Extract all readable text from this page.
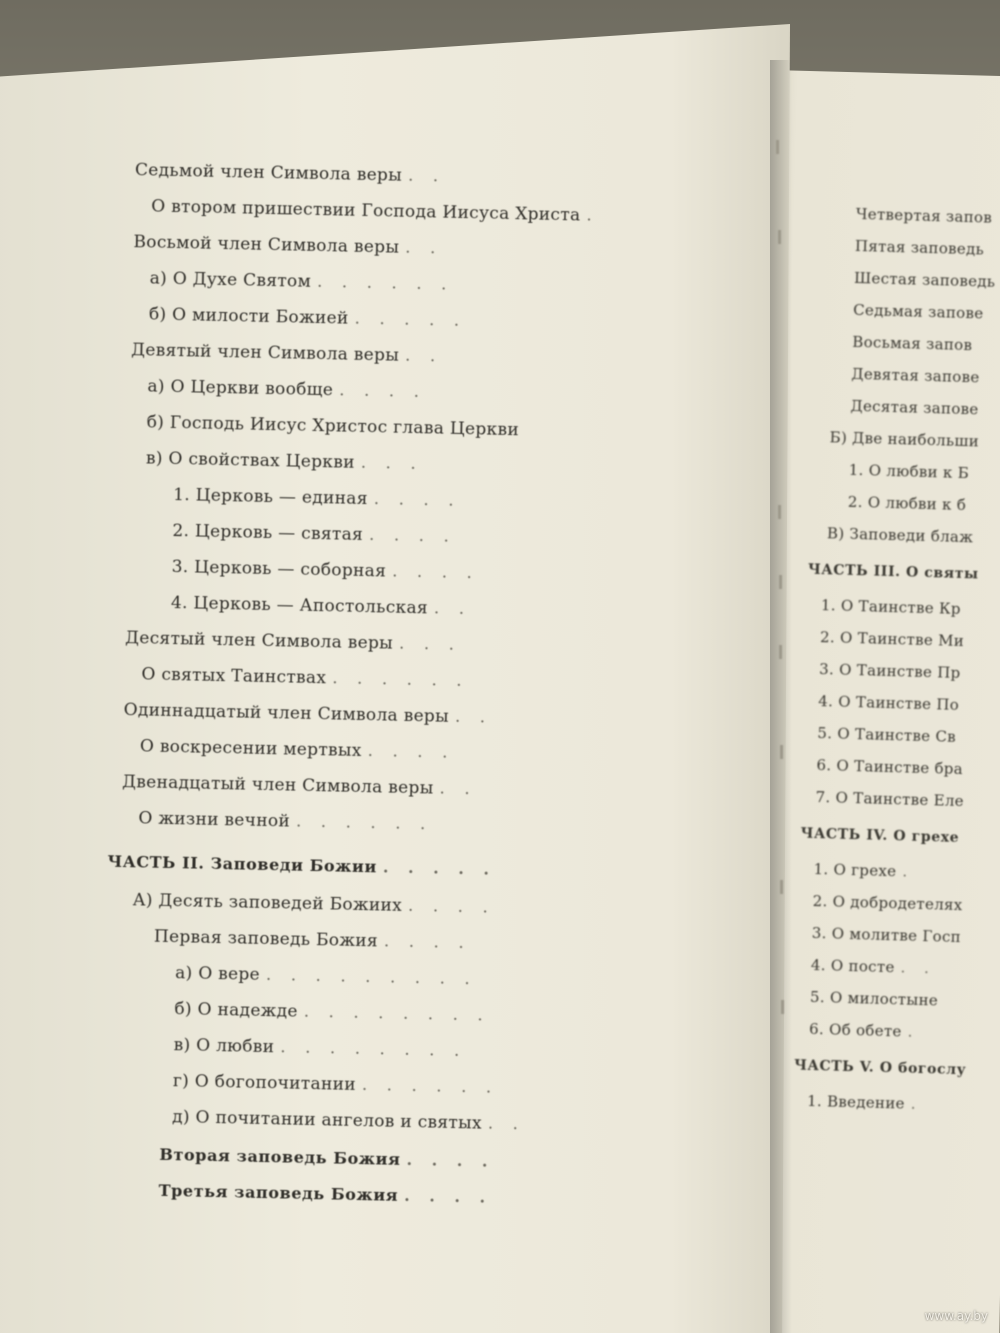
Седьмой член Символа веры . .
О втором пришествии Господа Иисуса Христа .
Восьмой член Символа веры . .
а) О Духе Святом . . . . . .
б) О милости Божией . . . . .
Девятый член Символа веры . .
а) О Церкви вообще . . . .
б) Господь Иисус Христос глава Церкви
в) О свойствах Церкви . . .
1. Церковь — единая . . . .
2. Церковь — святая . . . .
3. Церковь — соборная . . . .
4. Церковь — Апостольская . .
Десятый член Символа веры . . .
О святых Таинствах . . . . . .
Одиннадцатый член Символа веры . .
О воскресении мертвых . . . .
Двенадцатый член Символа веры . .
О жизни вечной . . . . . .
ЧАСТЬ II. Заповеди Божии . . . . .
А) Десять заповедей Божиих . . . .
Первая заповедь Божия . . . .
а) О вере . . . . . . . . .
б) О надежде . . . . . . . .
в) О любви . . . . . . . .
г) О богопочитании . . . . . .
д) О почитании ангелов и святых . .
Вторая заповедь Божия . . . .
Третья заповедь Божия . . . .
Четвертая запов
Пятая заповедь
Шестая заповедь
Седьмая запове
Восьмая запов
Девятая запове
Десятая запове
Б) Две наибольши
1. О любви к Б
2. О любви к б
В) Заповеди блаж
ЧАСТЬ III. О святы
1. О Таинстве Кр
2. О Таинстве Ми
3. О Таинстве Пр
4. О Таинстве По
5. О Таинстве Св
6. О Таинстве бра
7. О Таинстве Еле
ЧАСТЬ IV. О грехе
1. О грехе .
2. О добродетелях
3. О молитве Госп
4. О посте . .
5. О милостыне
6. Об обете .
ЧАСТЬ V. О богослу
1. Введение .
www.ay.by
